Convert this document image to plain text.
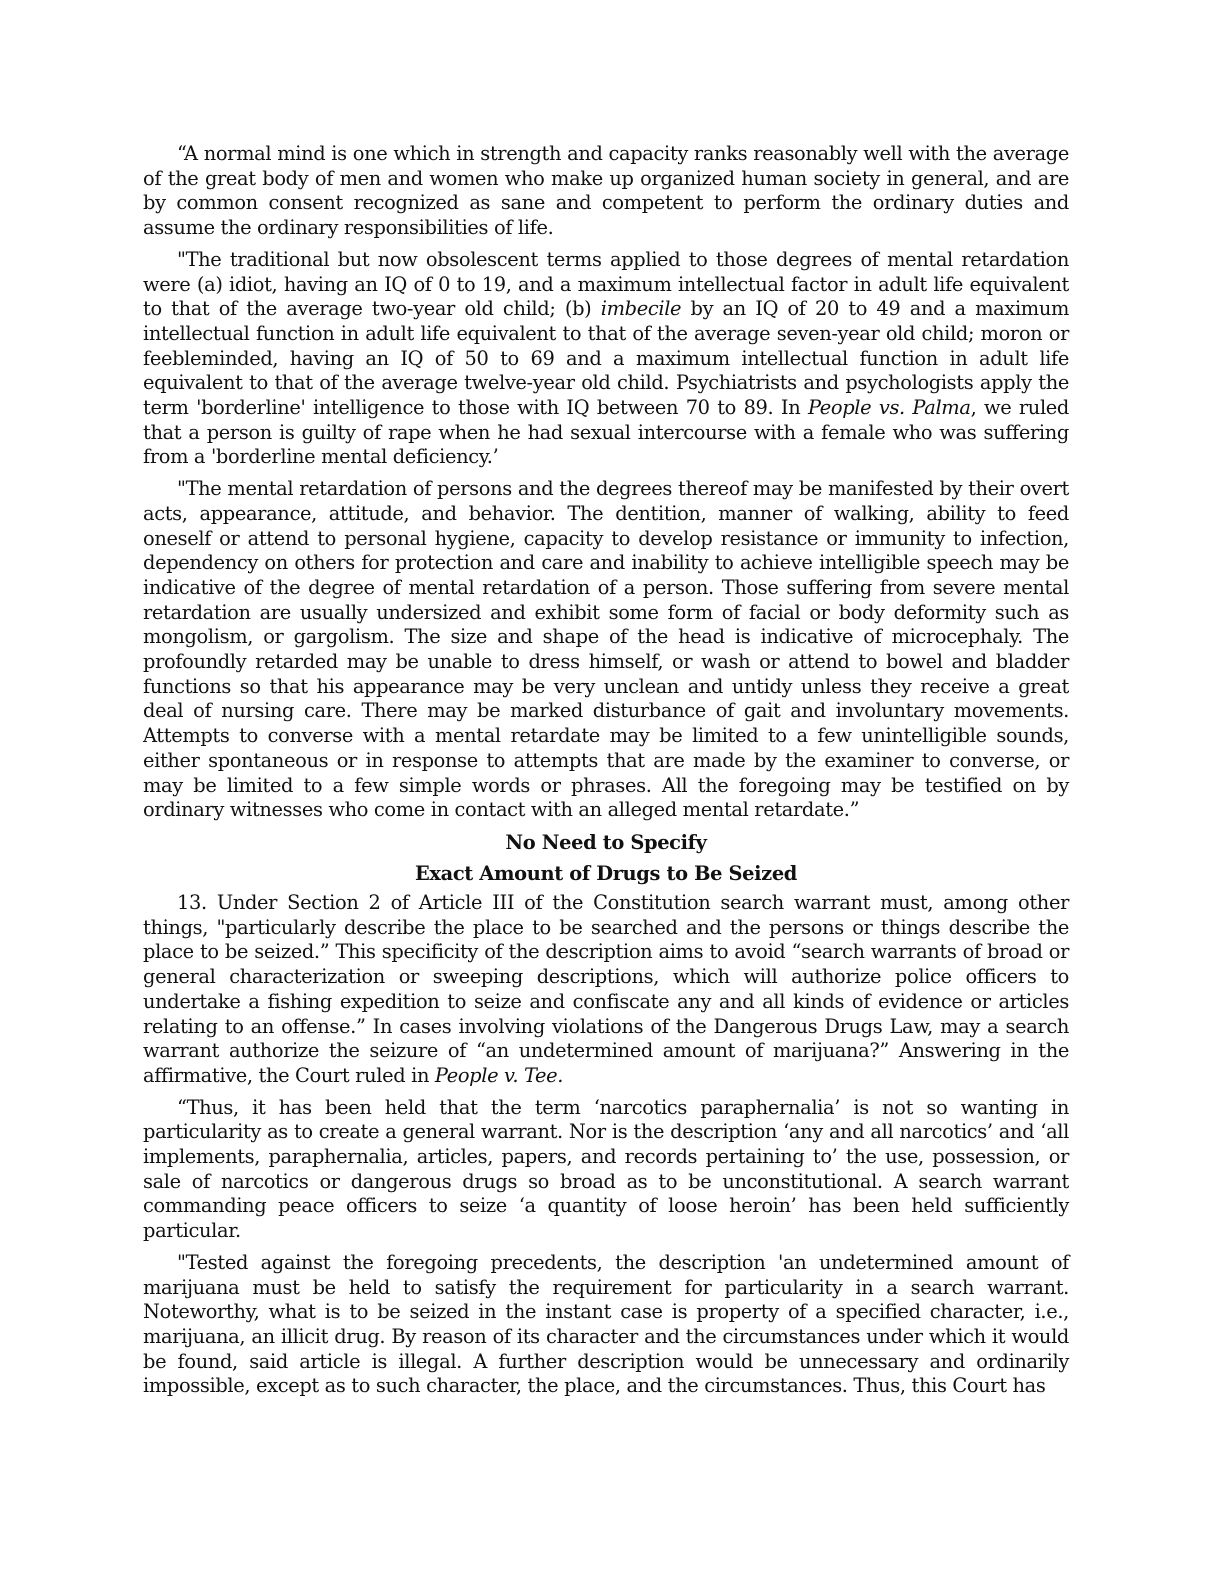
“A normal mind is one which in strength and capacity ranks reasonably well with the average of the great body of men and women who make up organized human society in general, and are by common consent recognized as sane and competent to perform the ordinary duties and assume the ordinary responsibilities of life.

"The traditional but now obsolescent terms applied to those degrees of mental retardation were (a) idiot, having an IQ of 0 to 19, and a maximum intellectual factor in adult life equivalent to that of the average two-year old child; (b) imbecile by an IQ of 20 to 49 and a maximum intellectual function in adult life equivalent to that of the average seven-year old child; moron or feebleminded, having an IQ of 50 to 69 and a maximum intellectual function in adult life equivalent to that of the average twelve-year old child. Psychiatrists and psychologists apply the term 'borderline' intelligence to those with IQ between 70 to 89. In People vs. Palma, we ruled that a person is guilty of rape when he had sexual intercourse with a female who was suffering from a 'borderline mental deficiency.’

"The mental retardation of persons and the degrees thereof may be manifested by their overt acts, appearance, attitude, and behavior. The dentition, manner of walking, ability to feed oneself or attend to personal hygiene, capacity to develop resistance or immunity to infection, dependency on others for protection and care and inability to achieve intelligible speech may be indicative of the degree of mental retardation of a person. Those suffering from severe mental retardation are usually undersized and exhibit some form of facial or body deformity such as mongolism, or gargolism. The size and shape of the head is indicative of microcephaly. The profoundly retarded may be unable to dress himself, or wash or attend to bowel and bladder functions so that his appearance may be very unclean and untidy unless they receive a great deal of nursing care. There may be marked disturbance of gait and involuntary movements. Attempts to converse with a mental retardate may be limited to a few unintelligible sounds, either spontaneous or in response to attempts that are made by the examiner to converse, or may be limited to a few simple words or phrases. All the foregoing may be testified on by ordinary witnesses who come in contact with an alleged mental retardate.”

No Need to Specify

Exact Amount of Drugs to Be Seized

13. Under Section 2 of Article III of the Constitution search warrant must, among other things, "particularly describe the place to be searched and the persons or things describe the place to be seized.” This specificity of the description aims to avoid “search warrants of broad or general characterization or sweeping descriptions, which will authorize police officers to undertake a fishing expedition to seize and confiscate any and all kinds of evidence or articles relating to an offense.” In cases involving violations of the Dangerous Drugs Law, may a search warrant authorize the seizure of “an undetermined amount of marijuana?” Answering in the affirmative, the Court ruled in People v. Tee.

“Thus, it has been held that the term ‘narcotics paraphernalia’ is not so wanting in particularity as to create a general warrant. Nor is the description ‘any and all narcotics’ and ‘all implements, paraphernalia, articles, papers, and records pertaining to’ the use, possession, or sale of narcotics or dangerous drugs so broad as to be unconstitutional. A search warrant commanding peace officers to seize ‘a quantity of loose heroin’ has been held sufficiently particular.

"Tested against the foregoing precedents, the description 'an undetermined amount of marijuana must be held to satisfy the requirement for particularity in a search warrant. Noteworthy, what is to be seized in the instant case is property of a specified character, i.e., marijuana, an illicit drug. By reason of its character and the circumstances under which it would be found, said article is illegal. A further description would be unnecessary and ordinarily impossible, except as to such character, the place, and the circumstances. Thus, this Court has
